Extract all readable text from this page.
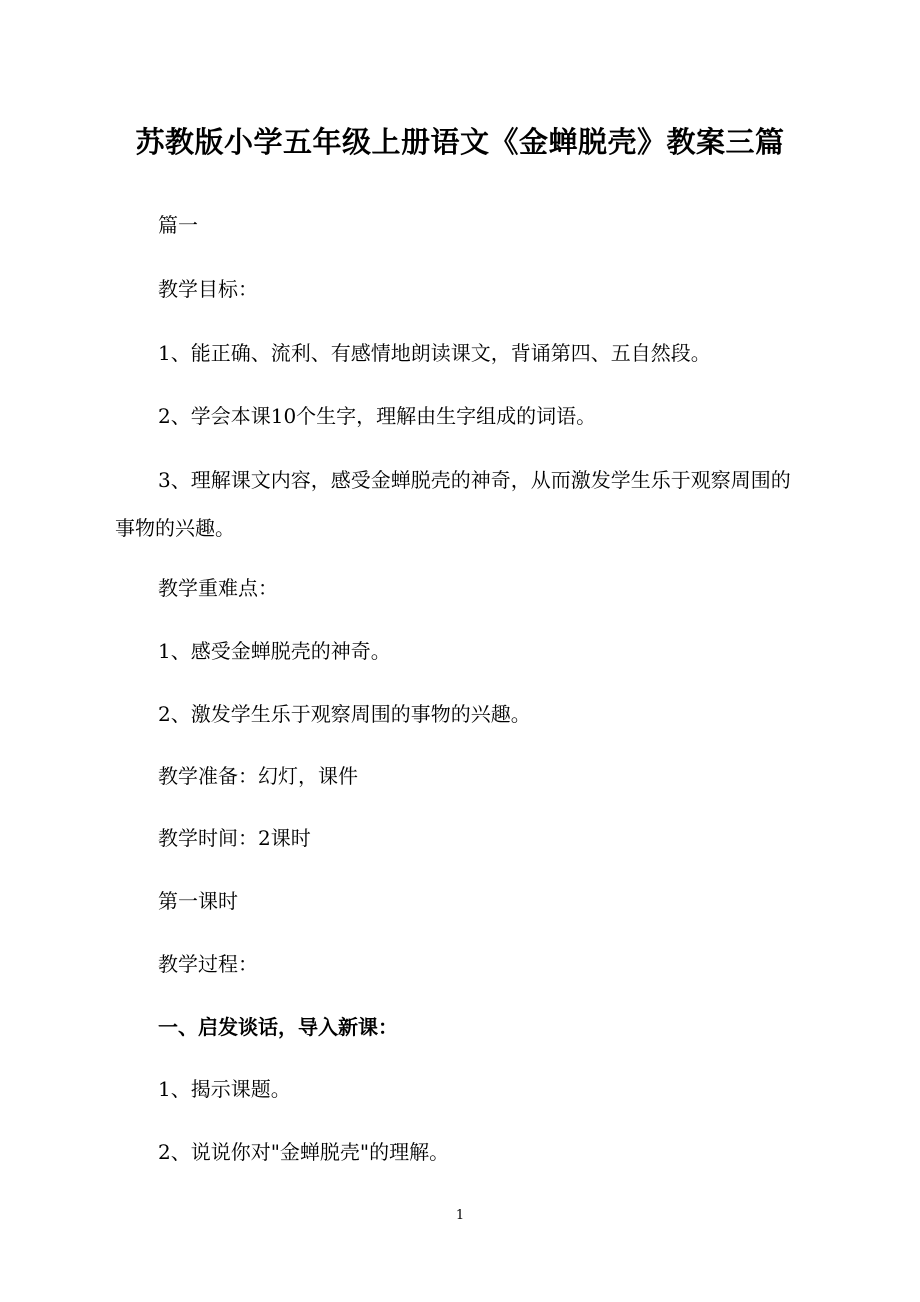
苏教版小学五年级上册语文《金蝉脱壳》教案三篇

篇一

教学目标：

1、能正确、流利、有感情地朗读课文，背诵第四、五自然段。

2、学会本课10个生字，理解由生字组成的词语。

3、理解课文内容，感受金蝉脱壳的神奇，从而激发学生乐于观察周围的事物的兴趣。

教学重难点：

1、感受金蝉脱壳的神奇。

2、激发学生乐于观察周围的事物的兴趣。

教学准备：幻灯，课件

教学时间：2课时

第一课时

教学过程：

一、启发谈话，导入新课：

1、揭示课题。

2、说说你对"金蝉脱壳"的理解。

1
